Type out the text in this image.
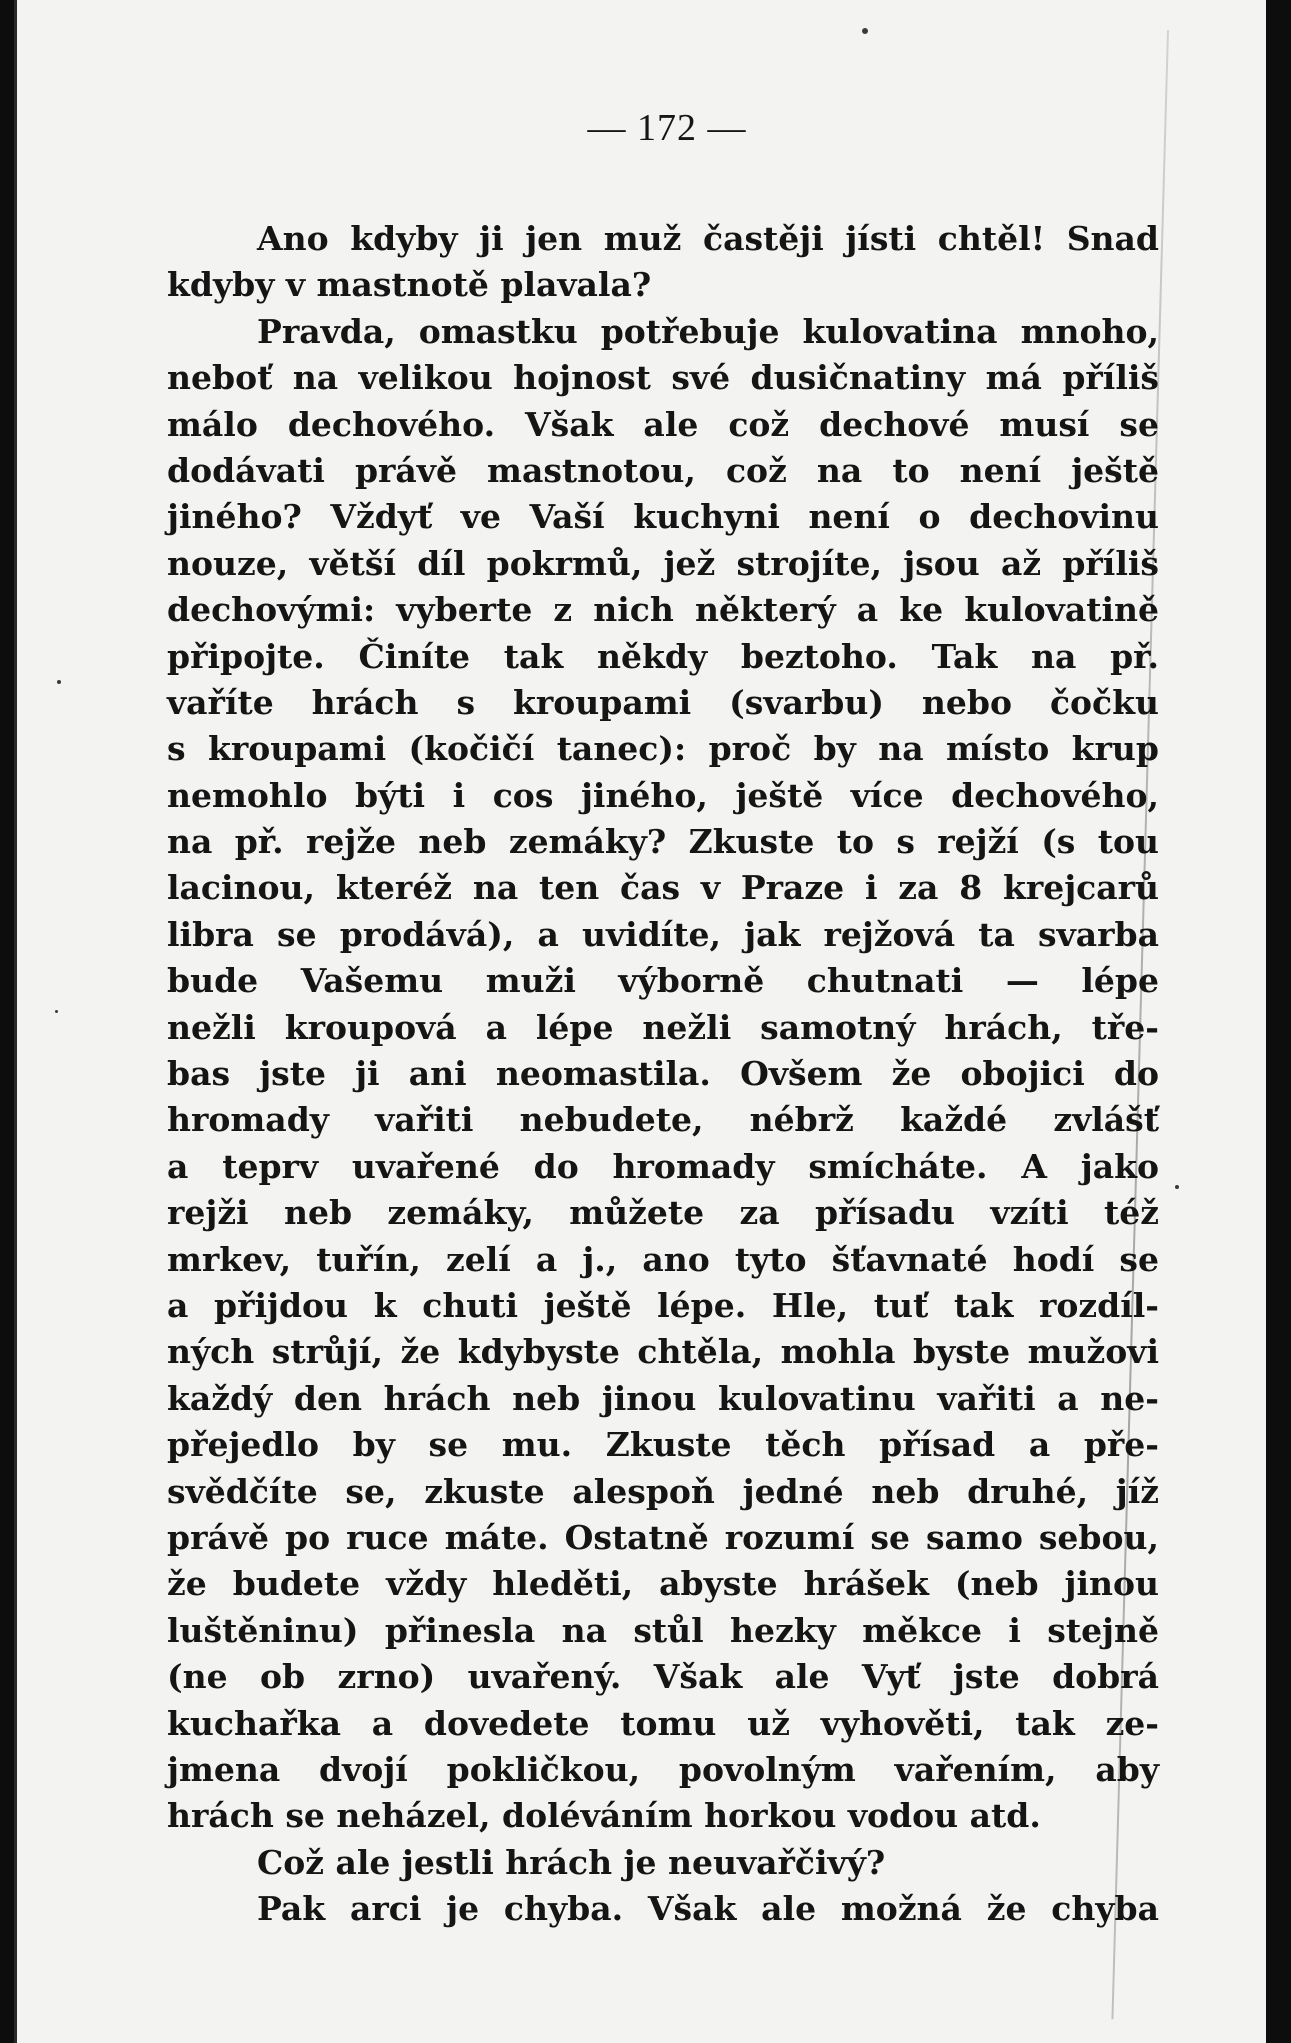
— 172 —
Ano kdyby ji jen muž častěji jísti chtěl! Snad
kdyby v mastnotě plavala?
Pravda, omastku potřebuje kulovatina mnoho,
neboť na velikou hojnost své dusičnatiny má příliš
málo dechového. Však ale což dechové musí se
dodávati právě mastnotou, což na to není ještě
jiného? Vždyť ve Vaší kuchyni není o dechovinu
nouze, větší díl pokrmů, jež strojíte, jsou až příliš
dechovými: vyberte z nich některý a ke kulovatině
připojte. Činíte tak někdy beztoho. Tak na př.
vaříte hrách s kroupami (svarbu) nebo čočku
s kroupami (kočičí tanec): proč by na místo krup
nemohlo býti i cos jiného, ještě více dechového,
na př. rejže neb zemáky? Zkuste to s rejží (s tou
lacinou, kteréž na ten čas v Praze i za 8 krejcarů
libra se prodává), a uvidíte, jak rejžová ta svarba
bude Vašemu muži výborně chutnati — lépe
nežli kroupová a lépe nežli samotný hrách, tře-
bas jste ji ani neomastila. Ovšem že obojici do
hromady vařiti nebudete, nébrž každé zvlášť
a teprv uvařené do hromady smícháte. A jako
rejži neb zemáky, můžete za přísadu vzíti též
mrkev, tuřín, zelí a j., ano tyto šťavnaté hodí se
a přijdou k chuti ještě lépe. Hle, tuť tak rozdíl-
ných strůjí, že kdybyste chtěla, mohla byste mužovi
každý den hrách neb jinou kulovatinu vařiti a ne-
přejedlo by se mu. Zkuste těch přísad a pře-
svědčíte se, zkuste alespoň jedné neb druhé, jíž
právě po ruce máte. Ostatně rozumí se samo sebou,
že budete vždy hleděti, abyste hrášek (neb jinou
luštěninu) přinesla na stůl hezky měkce i stejně
(ne ob zrno) uvařený. Však ale Vyť jste dobrá
kuchařka a dovedete tomu už vyhověti, tak ze-
jmena dvojí pokličkou, povolným vařením, aby
hrách se neházel, doléváním horkou vodou atd.
Což ale jestli hrách je neuvařčivý?
Pak arci je chyba. Však ale možná že chyba
